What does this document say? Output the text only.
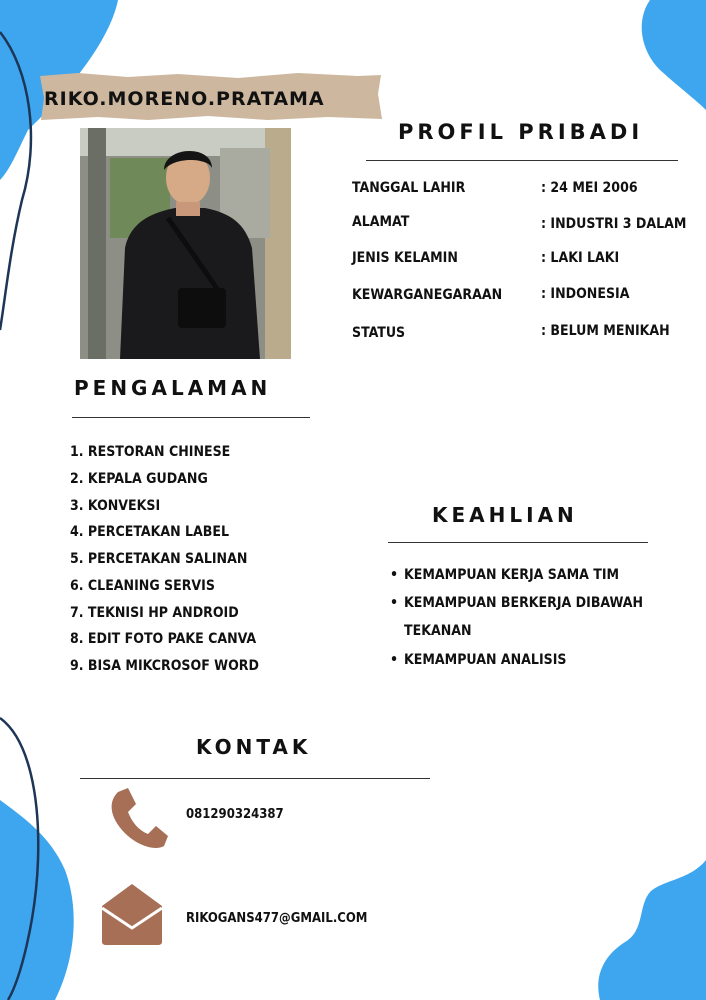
RIKO.MORENO.PRATAMA
PROFIL PRIBADI
TANGGAL LAHIR	: 24 MEI 2006
ALAMAT	: INDUSTRI 3 DALAM
JENIS KELAMIN	: LAKI LAKI
KEWARGANEGARAAN	: INDONESIA
STATUS	: BELUM MENIKAH
PENGALAMAN
1. RESTORAN CHINESE
2. KEPALA GUDANG
3. KONVEKSI
4. PERCETAKAN LABEL
5. PERCETAKAN SALINAN
6. CLEANING SERVIS
7. TEKNISI HP ANDROID
8. EDIT FOTO PAKE CANVA
9. BISA MIKCROSOF WORD
KEAHLIAN
• KEMAMPUAN KERJA SAMA TIM
• KEMAMPUAN BERKERJA DIBAWAH
TEKANAN
• KEMAMPUAN ANALISIS
KONTAK
081290324387
RIKOGANS477@GMAIL.COM
